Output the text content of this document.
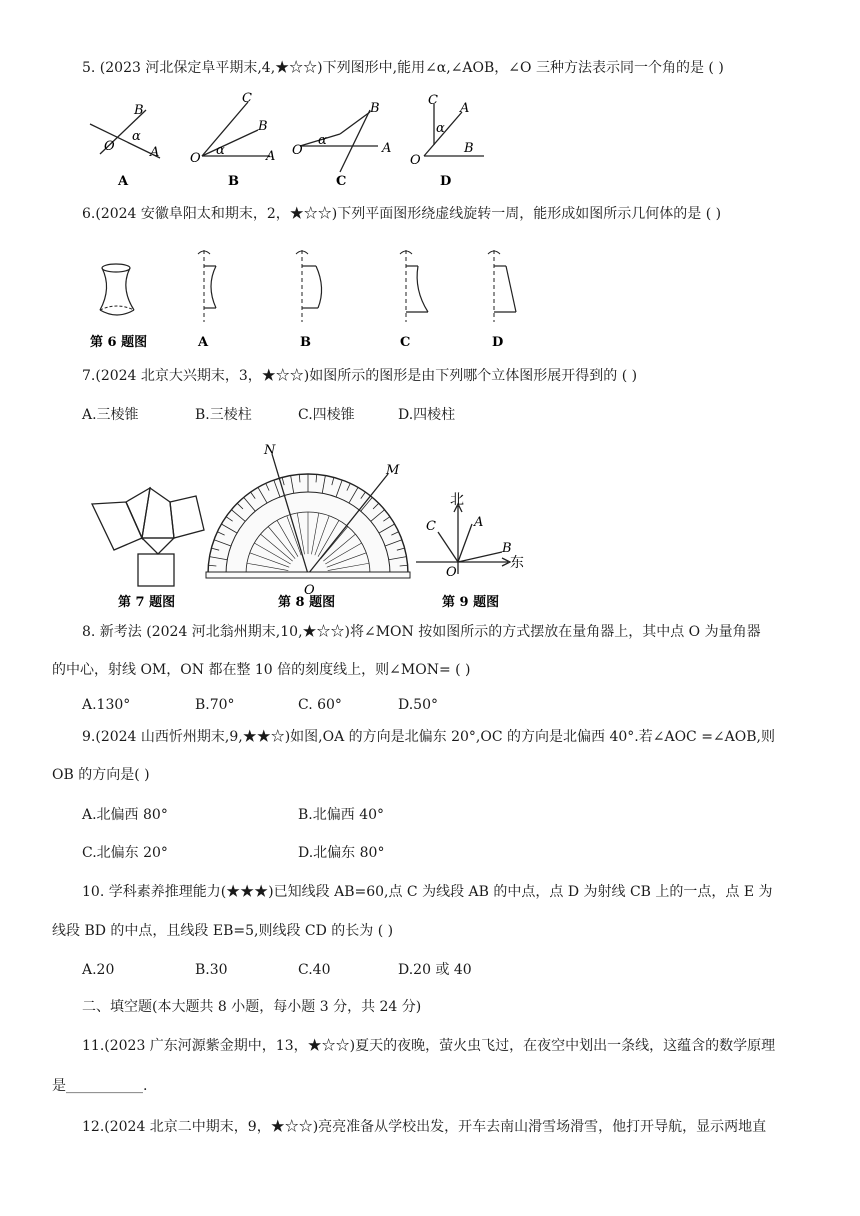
5. (2023 河北保定阜平期末,4,★☆☆)下列图形中,能用∠α,∠AOB，∠O 三种方法表示同一个角的是 ( )
B
α
O	A
A
C
B
α
O	A
B
B
α
O	A
C
C
A
α
O
B
D
6.(2024 安徽阜阳太和期末，2，★☆☆)下列平面图形绕虚线旋转一周，能形成如图所示几何体的是 ( )
第 6 题图	A	B	C	D
7.(2024 北京大兴期末，3，★☆☆)如图所示的图形是由下列哪个立体图形展开得到的 ( )
A.三棱锥	B.三棱柱	C.四棱锥	D.四棱柱
第 7 题图
N
M
O
第 8 题图
北
东
A
C
B
O
第 9 题图
8. 新考法 (2024 河北翁州期末,10,★☆☆)将∠MON 按如图所示的方式摆放在量角器上，其中点 O 为量角器
的中心，射线 OM，ON 都在整 10 倍的刻度线上，则∠MON= ( )
A.130°	B.70°	C. 60°	D.50°
9.(2024 山西忻州期末,9,★★☆)如图,OA 的方向是北偏东 20°,OC 的方向是北偏西 40°.若∠AOC =∠AOB,则
OB 的方向是( )
A.北偏西 80°	B.北偏西 40°
C.北偏东 20°	D.北偏东 80°
10. 学科素养推理能力(★★★)已知线段 AB=60,点 C 为线段 AB 的中点，点 D 为射线 CB 上的一点，点 E 为
线段 BD 的中点，且线段 EB=5,则线段 CD 的长为 ( )
A.20	B.30	C.40	D.20 或 40
二、填空题(本大题共 8 小题，每小题 3 分，共 24 分)
11.(2023 广东河源紫金期中，13，★☆☆)夏天的夜晚，萤火虫飞过，在夜空中划出一条线，这蕴含的数学原理
是___________.
12.(2024 北京二中期末，9，★☆☆)亮亮准备从学校出发，开车去南山滑雪场滑雪，他打开导航，显示两地直
